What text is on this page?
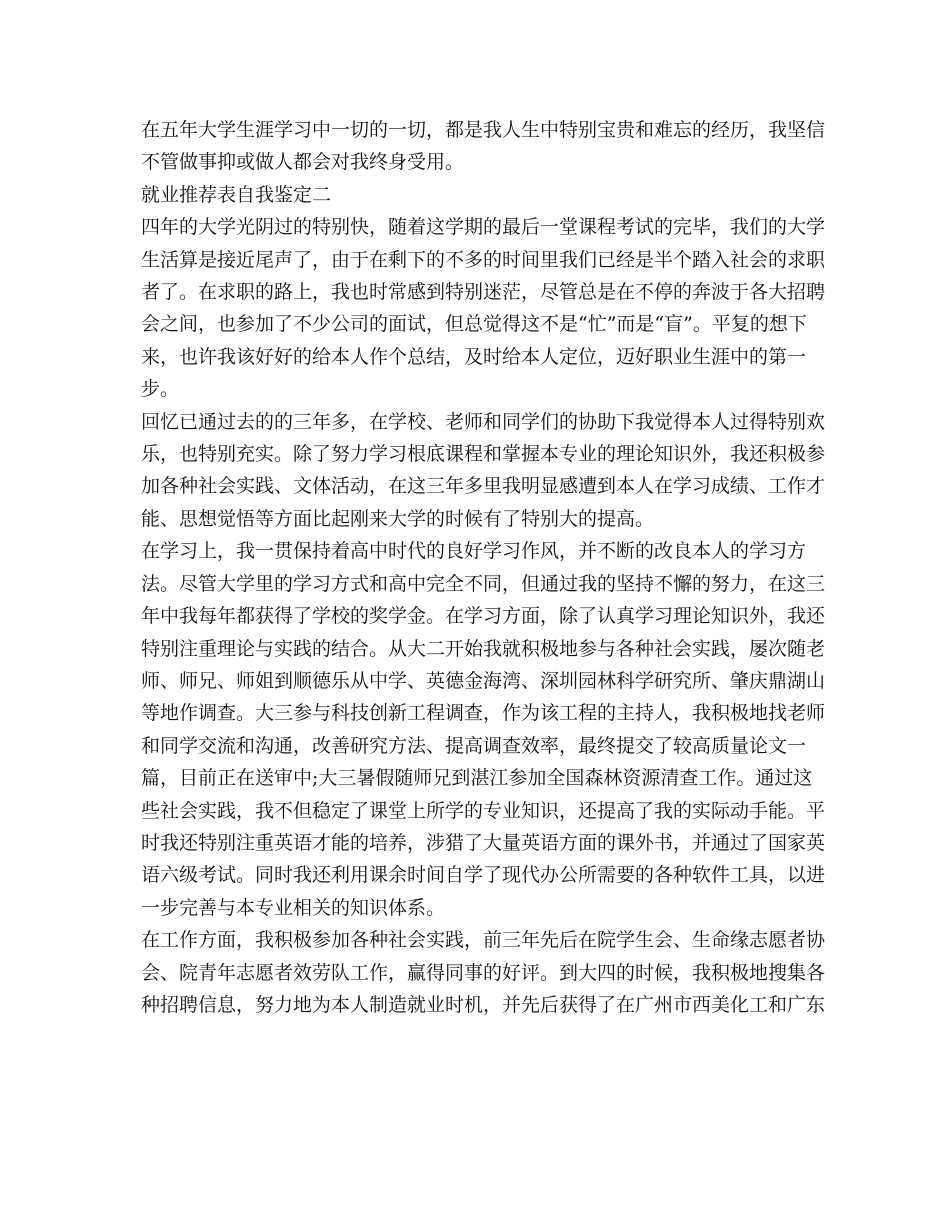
在五年大学生涯学习中一切的一切，都是我人生中特别宝贵和难忘的经历，我坚信不管做事抑或做人都会对我终身受用。

就业推荐表自我鉴定二

四年的大学光阴过的特别快，随着这学期的最后一堂课程考试的完毕，我们的大学生活算是接近尾声了，由于在剩下的不多的时间里我们已经是半个踏入社会的求职者了。在求职的路上，我也时常感到特别迷茫，尽管总是在不停的奔波于各大招聘会之间，也参加了不少公司的面试，但总觉得这不是“忙”而是“盲”。平复的想下来，也许我该好好的给本人作个总结，及时给本人定位，迈好职业生涯中的第一步。

回忆已通过去的的三年多，在学校、老师和同学们的协助下我觉得本人过得特别欢乐，也特别充实。除了努力学习根底课程和掌握本专业的理论知识外，我还积极参加各种社会实践、文体活动，在这三年多里我明显感遭到本人在学习成绩、工作才能、思想觉悟等方面比起刚来大学的时候有了特别大的提高。

在学习上，我一贯保持着高中时代的良好学习作风，并不断的改良本人的学习方法。尽管大学里的学习方式和高中完全不同，但通过我的坚持不懈的努力，在这三年中我每年都获得了学校的奖学金。在学习方面，除了认真学习理论知识外，我还特别注重理论与实践的结合。从大二开始我就积极地参与各种社会实践，屡次随老师、师兄、师姐到顺德乐从中学、英德金海湾、深圳园林科学研究所、肇庆鼎湖山等地作调查。大三参与科技创新工程调查，作为该工程的主持人，我积极地找老师和同学交流和沟通，改善研究方法、提高调查效率，最终提交了较高质量论文一篇，目前正在送审中;大三暑假随师兄到湛江参加全国森林资源清查工作。通过这些社会实践，我不但稳定了课堂上所学的专业知识，还提高了我的实际动手能。平时我还特别注重英语才能的培养，涉猎了大量英语方面的课外书，并通过了国家英语六级考试。同时我还利用课余时间自学了现代办公所需要的各种软件工具，以进一步完善与本专业相关的知识体系。

在工作方面，我积极参加各种社会实践，前三年先后在院学生会、生命缘志愿者协会、院青年志愿者效劳队工作，赢得同事的好评。到大四的时候，我积极地搜集各种招聘信息，努力地为本人制造就业时机，并先后获得了在广州市西美化工和广东
